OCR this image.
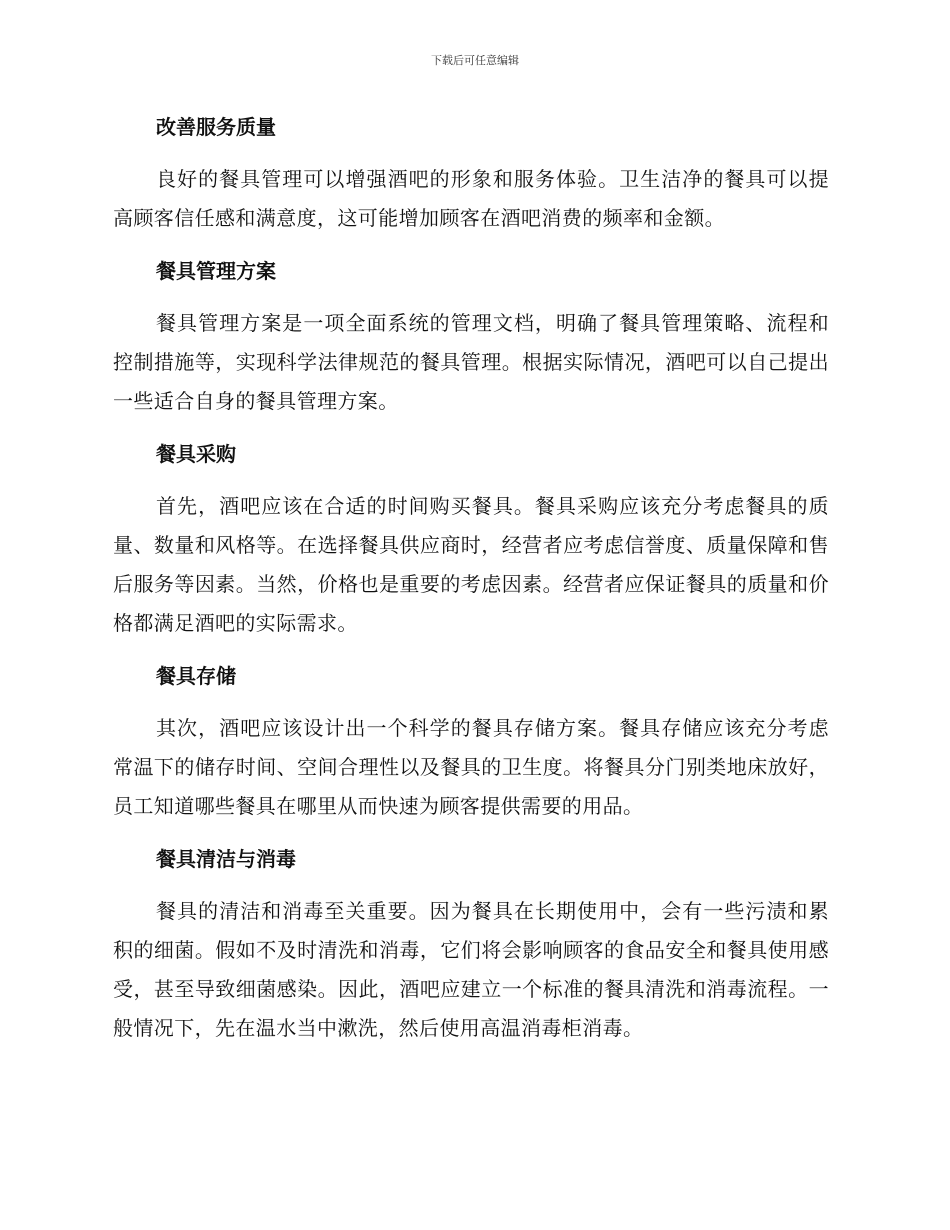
下载后可任意编辑
改善服务质量

良好的餐具管理可以增强酒吧的形象和服务体验。卫生洁净的餐具可以提高顾客信任感和满意度，这可能增加顾客在酒吧消费的频率和金额。

餐具管理方案

餐具管理方案是一项全面系统的管理文档，明确了餐具管理策略、流程和控制措施等，实现科学法律规范的餐具管理。根据实际情况，酒吧可以自己提出一些适合自身的餐具管理方案。

餐具采购

首先，酒吧应该在合适的时间购买餐具。餐具采购应该充分考虑餐具的质量、数量和风格等。在选择餐具供应商时，经营者应考虑信誉度、质量保障和售后服务等因素。当然，价格也是重要的考虑因素。经营者应保证餐具的质量和价格都满足酒吧的实际需求。

餐具存储

其次，酒吧应该设计出一个科学的餐具存储方案。餐具存储应该充分考虑常温下的储存时间、空间合理性以及餐具的卫生度。将餐具分门别类地床放好，员工知道哪些餐具在哪里从而快速为顾客提供需要的用品。

餐具清洁与消毒

餐具的清洁和消毒至关重要。因为餐具在长期使用中，会有一些污渍和累积的细菌。假如不及时清洗和消毒，它们将会影响顾客的食品安全和餐具使用感受，甚至导致细菌感染。因此，酒吧应建立一个标准的餐具清洗和消毒流程。一般情况下，先在温水当中漱洗，然后使用高温消毒柜消毒。
